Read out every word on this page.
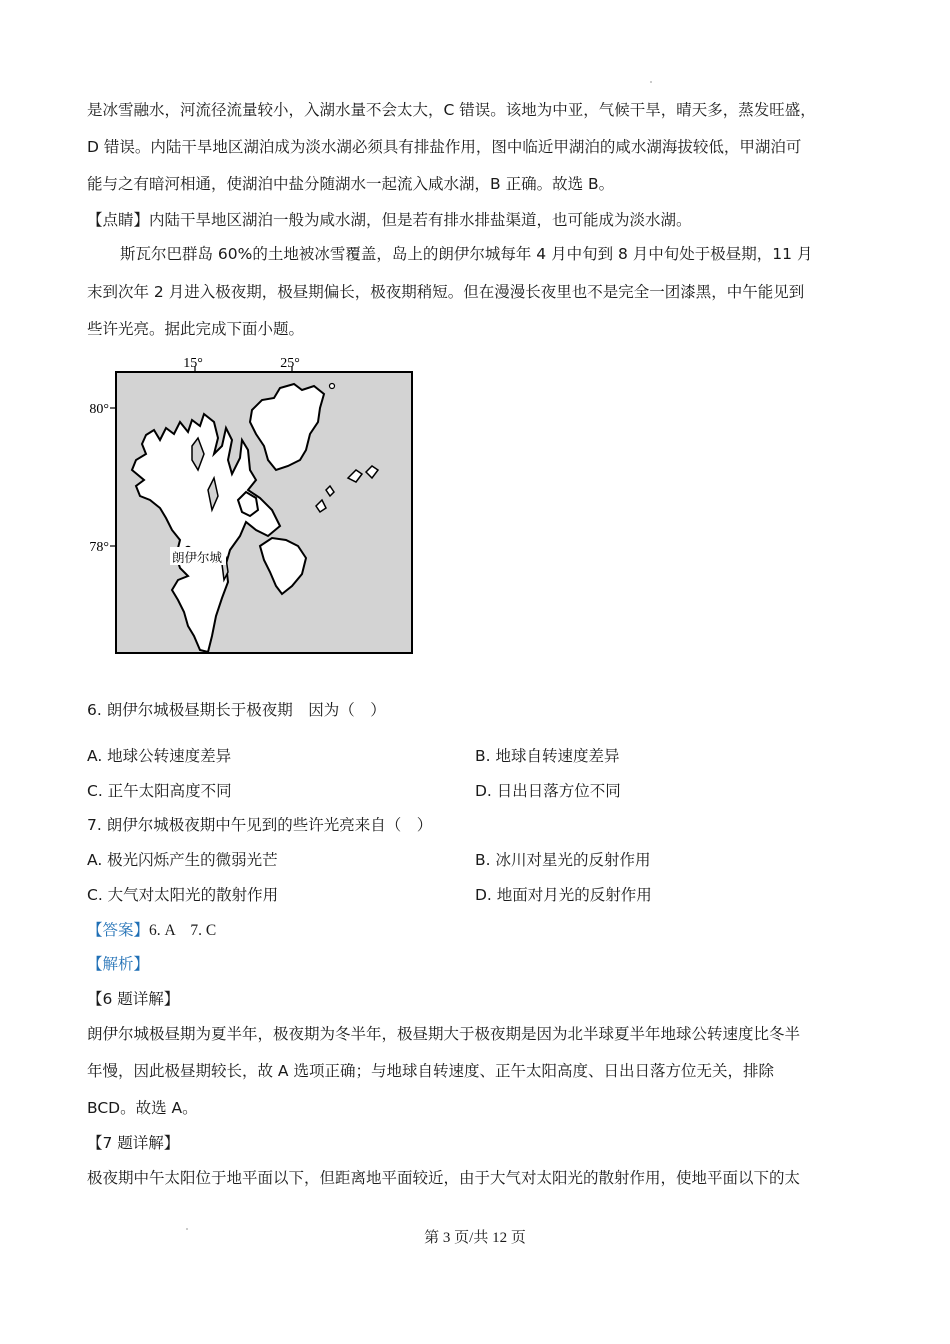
是冰雪融水，河流径流量较小，入湖水量不会太大，C 错误。该地为中亚，气候干旱，晴天多，蒸发旺盛，
D 错误。内陆干旱地区湖泊成为淡水湖必须具有排盐作用，图中临近甲湖泊的咸水湖海拔较低，甲湖泊可
能与之有暗河相通，使湖泊中盐分随湖水一起流入咸水湖，B 正确。故选 B。
【点睛】内陆干旱地区湖泊一般为咸水湖，但是若有排水排盐渠道，也可能成为淡水湖。
斯瓦尔巴群岛 60%的土地被冰雪覆盖，岛上的朗伊尔城每年 4 月中旬到 8 月中旬处于极昼期，11 月
末到次年 2 月进入极夜期，极昼期偏长，极夜期稍短。但在漫漫长夜里也不是完全一团漆黑，中午能见到
些许光亮。据此完成下面小题。
15°	25°
80°
78°
朗伊尔城
6. 朗伊尔城极昼期长于极夜期　因为（　）
A. 地球公转速度差异	B. 地球自转速度差异
C. 正午太阳高度不同	D. 日出日落方位不同
7. 朗伊尔城极夜期中午见到的些许光亮来自（　）
A. 极光闪烁产生的微弱光芒	B. 冰川对星光的反射作用
C. 大气对太阳光的散射作用	D. 地面对月光的反射作用
【答案】6. A　7. C
【解析】
【6 题详解】
朗伊尔城极昼期为夏半年，极夜期为冬半年，极昼期大于极夜期是因为北半球夏半年地球公转速度比冬半
年慢，因此极昼期较长，故 A 选项正确；与地球自转速度、正午太阳高度、日出日落方位无关，排除
BCD。故选 A。
【7 题详解】
极夜期中午太阳位于地平面以下，但距离地平面较近，由于大气对太阳光的散射作用，使地平面以下的太
第 3 页/共 12 页
